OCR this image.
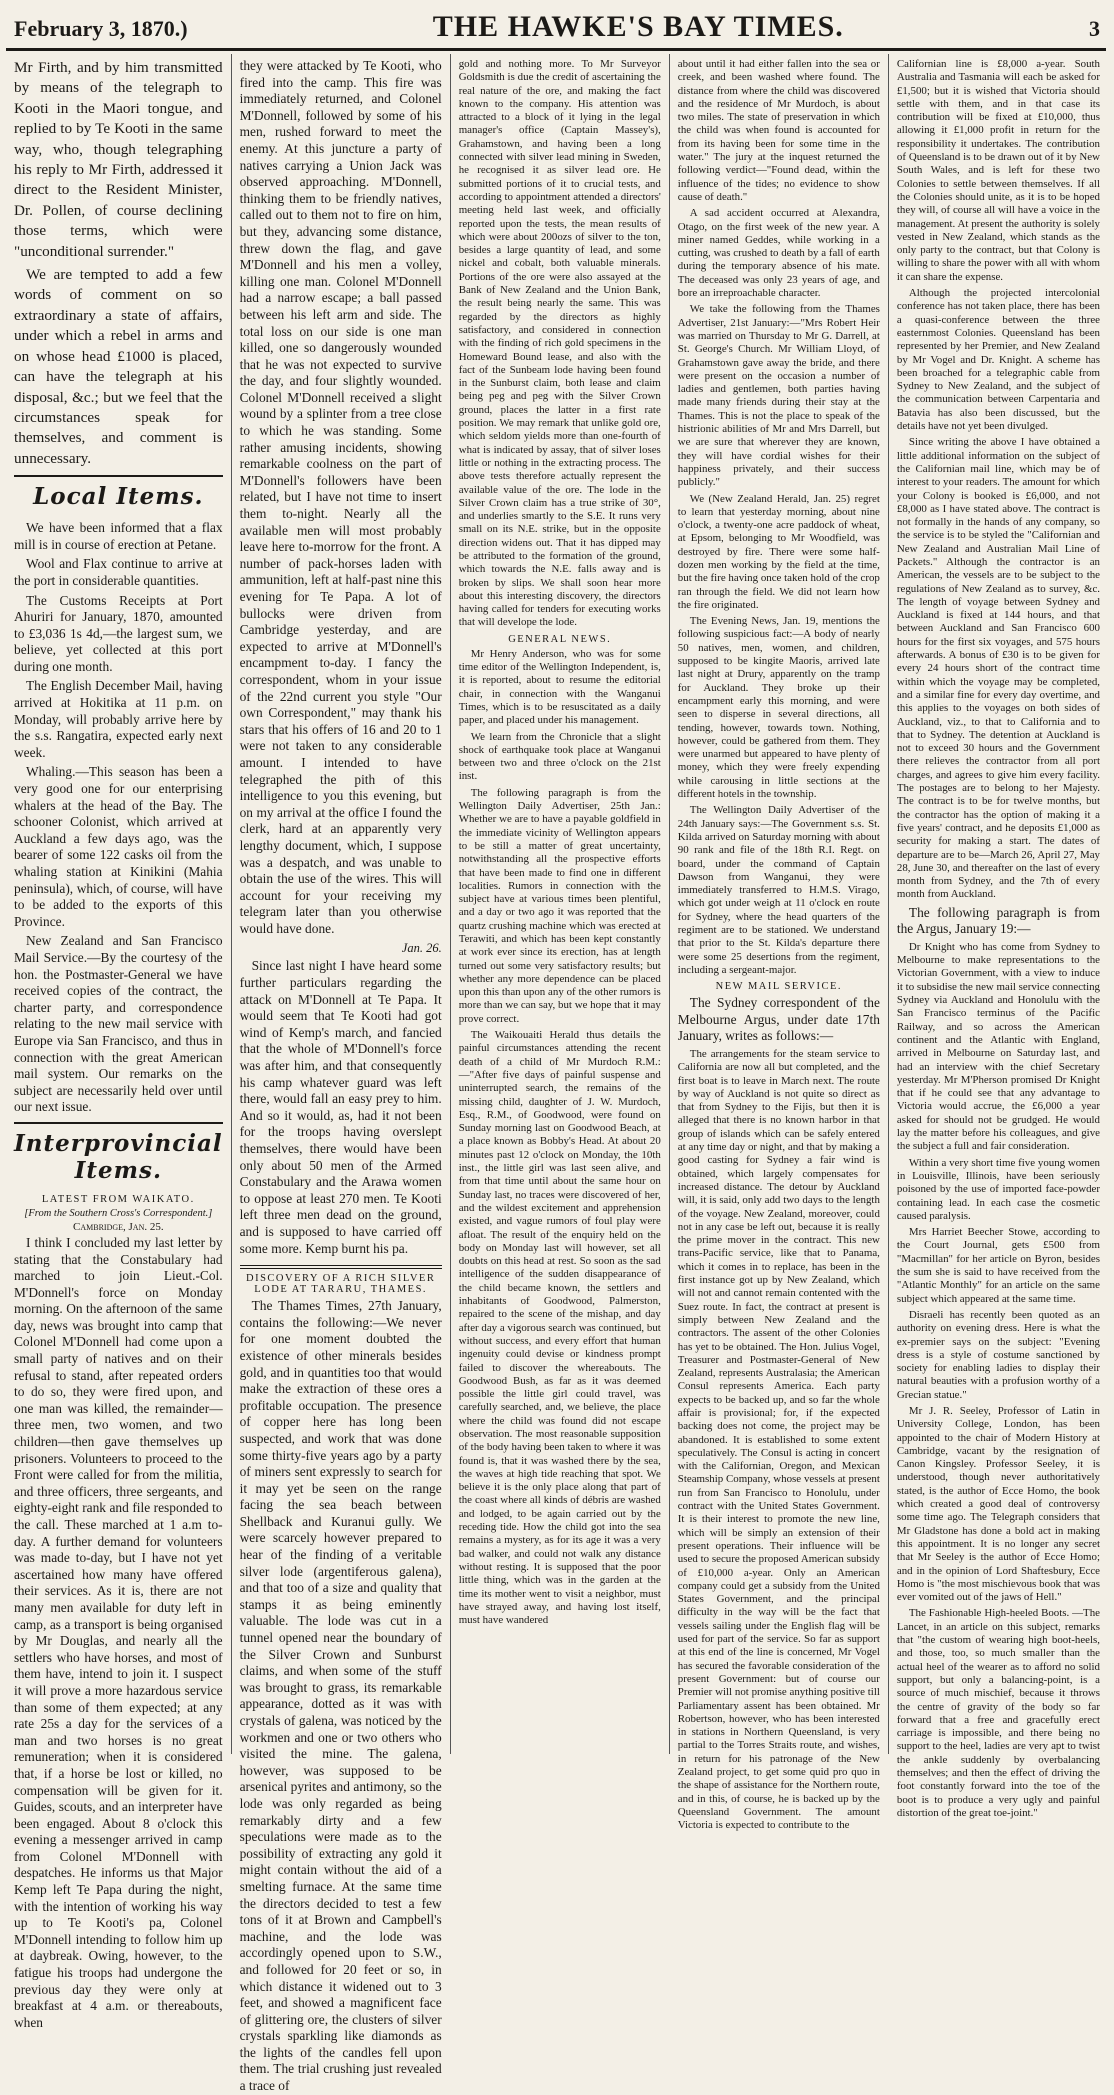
February 3, 1870.)	THE HAWKE'S BAY TIMES.	3

Mr Firth, and by him transmitted by means of the telegraph to Kooti in the Maori tongue, and replied to by Te Kooti in the same way, who, though telegraphing his reply to Mr Firth, addressed it direct to the Resident Minister, Dr. Pollen, of course declining those terms, which were "unconditional surrender."

We are tempted to add a few words of comment on so extraordinary a state of affairs, under which a rebel in arms and on whose head £1000 is placed, can have the telegraph at his disposal, &c.; but we feel that the circumstances speak for themselves, and comment is unnecessary.

Local Items.

We have been informed that a flax mill is in course of erection at Petane.

Wool and Flax continue to arrive at the port in considerable quantities.

The Customs Receipts at Port Ahuriri for January, 1870, amounted to £3,036 1s 4d,—the largest sum, we believe, yet collected at this port during one month.

The English December Mail, having arrived at Hokitika at 11 p.m. on Monday, will probably arrive here by the s.s. Rangatira, expected early next week.

Whaling.—This season has been a very good one for our enterprising whalers at the head of the Bay. The schooner Colonist, which arrived at Auckland a few days ago, was the bearer of some 122 casks oil from the whaling station at Kinikini (Mahia peninsula), which, of course, will have to be added to the exports of this Province.

New Zealand and San Francisco Mail Service.—By the courtesy of the hon. the Postmaster-General we have received copies of the contract, the charter party, and correspondence relating to the new mail service with Europe via San Francisco, and thus in connection with the great American mail system. Our remarks on the subject are necessarily held over until our next issue.

Interprovincial Items.
LATEST FROM WAIKATO.

[From the Southern Cross's Correspondent.]

Cambridge, Jan. 25.

I think I concluded my last letter by stating that the Constabulary had marched to join Lieut.-Col. M'Donnell's force on Monday morning. On the afternoon of the same day, news was brought into camp that Colonel M'Donnell had come upon a small party of natives and on their refusal to stand, after repeated orders to do so, they were fired upon, and one man was killed, the remainder—three men, two women, and two children—then gave themselves up prisoners. Volunteers to proceed to the Front were called for from the militia, and three officers, three sergeants, and eighty-eight rank and file responded to the call. These marched at 1 a.m to-day. A further demand for volunteers was made to-day, but I have not yet ascertained how many have offered their services. As it is, there are not many men available for duty left in camp, as a transport is being organised by Mr Douglas, and nearly all the settlers who have horses, and most of them have, intend to join it. I suspect it will prove a more hazardous service than some of them expected; at any rate 25s a day for the services of a man and two horses is no great remuneration; when it is considered that, if a horse be lost or killed, no compensation will be given for it. Guides, scouts, and an interpreter have been engaged. About 8 o'clock this evening a messenger arrived in camp from Colonel M'Donnell with despatches. He informs us that Major Kemp left Te Papa during the night, with the intention of working his way up to Te Kooti's pa, Colonel M'Donnell intending to follow him up at daybreak. Owing, however, to the fatigue his troops had undergone the previous day they were only at breakfast at 4 a.m. or thereabouts, when

they were attacked by Te Kooti, who fired into the camp. This fire was immediately returned, and Colonel M'Donnell, followed by some of his men, rushed forward to meet the enemy. At this juncture a party of natives carrying a Union Jack was observed approaching. M'Donnell, thinking them to be friendly natives, called out to them not to fire on him, but they, advancing some distance, threw down the flag, and gave M'Donnell and his men a volley, killing one man. Colonel M'Donnell had a narrow escape; a ball passed between his left arm and side. The total loss on our side is one man killed, one so dangerously wounded that he was not expected to survive the day, and four slightly wounded. Colonel M'Donnell received a slight wound by a splinter from a tree close to which he was standing. Some rather amusing incidents, showing remarkable coolness on the part of M'Donnell's followers have been related, but I have not time to insert them to-night. Nearly all the available men will most probably leave here to-morrow for the front. A number of pack-horses laden with ammunition, left at half-past nine this evening for Te Papa. A lot of bullocks were driven from Cambridge yesterday, and are expected to arrive at M'Donnell's encampment to-day. I fancy the correspondent, whom in your issue of the 22nd current you style "Our own Correspondent," may thank his stars that his offers of 16 and 20 to 1 were not taken to any considerable amount. I intended to have telegraphed the pith of this intelligence to you this evening, but on my arrival at the office I found the clerk, hard at an apparently very lengthy document, which, I suppose was a despatch, and was unable to obtain the use of the wires. This will account for your receiving my telegram later than you otherwise would have done.

Jan. 26.

Since last night I have heard some further particulars regarding the attack on M'Donnell at Te Papa. It would seem that Te Kooti had got wind of Kemp's march, and fancied that the whole of M'Donnell's force was after him, and that consequently his camp whatever guard was left there, would fall an easy prey to him. And so it would, as, had it not been for the troops having overslept themselves, there would have been only about 50 men of the Armed Constabulary and the Arawa women to oppose at least 270 men. Te Kooti left three men dead on the ground, and is supposed to have carried off some more. Kemp burnt his pa.

DISCOVERY OF A RICH SILVER LODE AT TARARU, THAMES.

The Thames Times, 27th January, contains the following:—We never for one moment doubted the existence of other minerals besides gold, and in quantities too that would make the extraction of these ores a profitable occupation. The presence of copper here has long been suspected, and work that was done some thirty-five years ago by a party of miners sent expressly to search for it may yet be seen on the range facing the sea beach between Shellback and Kuranui gully. We were scarcely however prepared to hear of the finding of a veritable silver lode (argentiferous galena), and that too of a size and quality that stamps it as being eminently valuable. The lode was cut in a tunnel opened near the boundary of the Silver Crown and Sunburst claims, and when some of the stuff was brought to grass, its remarkable appearance, dotted as it was with crystals of galena, was noticed by the workmen and one or two others who visited the mine. The galena, however, was supposed to be arsenical pyrites and antimony, so the lode was only regarded as being remarkably dirty and a few speculations were made as to the possibility of extracting any gold it might contain without the aid of a smelting furnace. At the same time the directors decided to test a few tons of it at Brown and Campbell's machine, and the lode was accordingly opened upon to S.W., and followed for 20 feet or so, in which distance it widened out to 3 feet, and showed a magnificent face of glittering ore, the clusters of silver crystals sparkling like diamonds as the lights of the candles fell upon them. The trial crushing just revealed a trace of

gold and nothing more. To Mr Surveyor Goldsmith is due the credit of ascertaining the real nature of the ore, and making the fact known to the company. His attention was attracted to a block of it lying in the legal manager's office (Captain Massey's), Grahamstown, and having been a long connected with silver lead mining in Sweden, he recognised it as silver lead ore. He submitted portions of it to crucial tests, and according to appointment attended a directors' meeting held last week, and officially reported upon the tests, the mean results of which were about 200ozs of silver to the ton, besides a large quantity of lead, and some nickel and cobalt, both valuable minerals. Portions of the ore were also assayed at the Bank of New Zealand and the Union Bank, the result being nearly the same. This was regarded by the directors as highly satisfactory, and considered in connection with the finding of rich gold specimens in the Homeward Bound lease, and also with the fact of the Sunbeam lode having been found in the Sunburst claim, both lease and claim being peg and peg with the Silver Crown ground, places the latter in a first rate position. We may remark that unlike gold ore, which seldom yields more than one-fourth of what is indicated by assay, that of silver loses little or nothing in the extracting process. The above tests therefore actually represent the available value of the ore. The lode in the Silver Crown claim has a true strike of 30°, and underlies smartly to the S.E. It runs very small on its N.E. strike, but in the opposite direction widens out. That it has dipped may be attributed to the formation of the ground, which towards the N.E. falls away and is broken by slips. We shall soon hear more about this interesting discovery, the directors having called for tenders for executing works that will develope the lode.

GENERAL NEWS.

Mr Henry Anderson, who was for some time editor of the Wellington Independent, is, it is reported, about to resume the editorial chair, in connection with the Wanganui Times, which is to be resuscitated as a daily paper, and placed under his management.

We learn from the Chronicle that a slight shock of earthquake took place at Wanganui between two and three o'clock on the 21st inst.

The following paragraph is from the Wellington Daily Advertiser, 25th Jan.: Whether we are to have a payable goldfield in the immediate vicinity of Wellington appears to be still a matter of great uncertainty, notwithstanding all the prospective efforts that have been made to find one in different localities. Rumors in connection with the subject have at various times been plentiful, and a day or two ago it was reported that the quartz crushing machine which was erected at Terawiti, and which has been kept constantly at work ever since its erection, has at length turned out some very satisfactory results; but whether any more dependence can be placed upon this than upon any of the other rumors is more than we can say, but we hope that it may prove correct.

The Waikouaiti Herald thus details the painful circumstances attending the recent death of a child of Mr Murdoch R.M.:—"After five days of painful suspense and uninterrupted search, the remains of the missing child, daughter of J. W. Murdoch, Esq., R.M., of Goodwood, were found on Sunday morning last on Goodwood Beach, at a place known as Bobby's Head. At about 20 minutes past 12 o'clock on Monday, the 10th inst., the little girl was last seen alive, and from that time until about the same hour on Sunday last, no traces were discovered of her, and the wildest excitement and apprehension existed, and vague rumors of foul play were afloat. The result of the enquiry held on the body on Monday last will however, set all doubts on this head at rest. So soon as the sad intelligence of the sudden disappearance of the child became known, the settlers and inhabitants of Goodwood, Palmerston, repaired to the scene of the mishap, and day after day a vigorous search was continued, but without success, and every effort that human ingenuity could devise or kindness prompt failed to discover the whereabouts. The Goodwood Bush, as far as it was deemed possible the little girl could travel, was carefully searched, and, we believe, the place where the child was found did not escape observation. The most reasonable supposition of the body having been taken to where it was found is, that it was washed there by the sea, the waves at high tide reaching that spot. We believe it is the only place along that part of the coast where all kinds of débris are washed and lodged, to be again carried out by the receding tide. How the child got into the sea remains a mystery, as for its age it was a very bad walker, and could not walk any distance without resting. It is supposed that the poor little thing, which was in the garden at the time its mother went to visit a neighbor, must have strayed away, and having lost itself, must have wandered

about until it had either fallen into the sea or creek, and been washed where found. The distance from where the child was discovered and the residence of Mr Murdoch, is about two miles. The state of preservation in which the child was when found is accounted for from its having been for some time in the water." The jury at the inquest returned the following verdict—"Found dead, within the influence of the tides; no evidence to show cause of death."

A sad accident occurred at Alexandra, Otago, on the first week of the new year. A miner named Geddes, while working in a cutting, was crushed to death by a fall of earth during the temporary absence of his mate. The deceased was only 23 years of age, and bore an irreproachable character.

We take the following from the Thames Advertiser, 21st January:—"Mrs Robert Heir was married on Thursday to Mr G. Darrell, at St. George's Church. Mr William Lloyd, of Grahamstown gave away the bride, and there were present on the occasion a number of ladies and gentlemen, both parties having made many friends during their stay at the Thames. This is not the place to speak of the histrionic abilities of Mr and Mrs Darrell, but we are sure that wherever they are known, they will have cordial wishes for their happiness privately, and their success publicly."

We (New Zealand Herald, Jan. 25) regret to learn that yesterday morning, about nine o'clock, a twenty-one acre paddock of wheat, at Epsom, belonging to Mr Woodfield, was destroyed by fire. There were some half-dozen men working by the field at the time, but the fire having once taken hold of the crop ran through the field. We did not learn how the fire originated.

The Evening News, Jan. 19, mentions the following suspicious fact:—A body of nearly 50 natives, men, women, and children, supposed to be kingite Maoris, arrived late last night at Drury, apparently on the tramp for Auckland. They broke up their encampment early this morning, and were seen to disperse in several directions, all tending, however, towards town. Nothing, however, could be gathered from them. They were unarmed but appeared to have plenty of money, which they were freely expending while carousing in little sections at the different hotels in the township.

The Wellington Daily Advertiser of the 24th January says:—The Government s.s. St. Kilda arrived on Saturday morning with about 90 rank and file of the 18th R.I. Regt. on board, under the command of Captain Dawson from Wanganui, they were immediately transferred to H.M.S. Virago, which got under weigh at 11 o'clock en route for Sydney, where the head quarters of the regiment are to be stationed. We understand that prior to the St. Kilda's departure there were some 25 desertions from the regiment, including a sergeant-major.

NEW MAIL SERVICE.

The Sydney correspondent of the Melbourne Argus, under date 17th January, writes as follows:—

The arrangements for the steam service to California are now all but completed, and the first boat is to leave in March next. The route by way of Auckland is not quite so direct as that from Sydney to the Fijis, but then it is alleged that there is no known harbor in that group of islands which can be safely entered at any time day or night, and that by making a good casting for Sydney a fair wind is obtained, which largely compensates for increased distance. The detour by Auckland will, it is said, only add two days to the length of the voyage. New Zealand, moreover, could not in any case be left out, because it is really the prime mover in the contract. This new trans-Pacific service, like that to Panama, which it comes in to replace, has been in the first instance got up by New Zealand, which will not and cannot remain contented with the Suez route. In fact, the contract at present is simply between New Zealand and the contractors. The assent of the other Colonies has yet to be obtained. The Hon. Julius Vogel, Treasurer and Postmaster-General of New Zealand, represents Australasia; the American Consul represents America. Each party expects to be backed up, and so far the whole affair is provisional; for, if the expected backing does not come, the project may be abandoned. It is established to some extent speculatively. The Consul is acting in concert with the Californian, Oregon, and Mexican Steamship Company, whose vessels at present run from San Francisco to Honolulu, under contract with the United States Government. It is their interest to promote the new line, which will be simply an extension of their present operations. Their influence will be used to secure the proposed American subsidy of £10,000 a-year. Only an American company could get a subsidy from the United States Government, and the principal difficulty in the way will be the fact that vessels sailing under the English flag will be used for part of the service. So far as support at this end of the line is concerned, Mr Vogel has secured the favorable consideration of the present Government: but of course our Premier will not promise anything positive till Parliamentary assent has been obtained. Mr Robertson, however, who has been interested in stations in Northern Queensland, is very partial to the Torres Straits route, and wishes, in return for his patronage of the New Zealand project, to get some quid pro quo in the shape of assistance for the Northern route, and in this, of course, he is backed up by the Queensland Government. The amount Victoria is expected to contribute to the

Californian line is £8,000 a-year. South Australia and Tasmania will each be asked for £1,500; but it is wished that Victoria should settle with them, and in that case its contribution will be fixed at £10,000, thus allowing it £1,000 profit in return for the responsibility it undertakes. The contribution of Queensland is to be drawn out of it by New South Wales, and is left for these two Colonies to settle between themselves. If all the Colonies should unite, as it is to be hoped they will, of course all will have a voice in the management. At present the authority is solely vested in New Zealand, which stands as the only party to the contract, but that Colony is willing to share the power with all with whom it can share the expense.

Although the projected intercolonial conference has not taken place, there has been a quasi-conference between the three easternmost Colonies. Queensland has been represented by her Premier, and New Zealand by Mr Vogel and Dr. Knight. A scheme has been broached for a telegraphic cable from Sydney to New Zealand, and the subject of the communication between Carpentaria and Batavia has also been discussed, but the details have not yet been divulged.

Since writing the above I have obtained a little additional information on the subject of the Californian mail line, which may be of interest to your readers. The amount for which your Colony is booked is £6,000, and not £8,000 as I have stated above. The contract is not formally in the hands of any company, so the service is to be styled the "Californian and New Zealand and Australian Mail Line of Packets." Although the contractor is an American, the vessels are to be subject to the regulations of New Zealand as to survey, &c. The length of voyage between Sydney and Auckland is fixed at 144 hours, and that between Auckland and San Francisco 600 hours for the first six voyages, and 575 hours afterwards. A bonus of £30 is to be given for every 24 hours short of the contract time within which the voyage may be completed, and a similar fine for every day overtime, and this applies to the voyages on both sides of Auckland, viz., to that to California and to that to Sydney. The detention at Auckland is not to exceed 30 hours and the Government there relieves the contractor from all port charges, and agrees to give him every facility. The postages are to belong to her Majesty. The contract is to be for twelve months, but the contractor has the option of making it a five years' contract, and he deposits £1,000 as security for making a start. The dates of departure are to be—March 26, April 27, May 28, June 30, and thereafter on the last of every month from Sydney, and the 7th of every month from Auckland.

The following paragraph is from the Argus, January 19:—

Dr Knight who has come from Sydney to Melbourne to make representations to the Victorian Government, with a view to induce it to subsidise the new mail service connecting Sydney via Auckland and Honolulu with the San Francisco terminus of the Pacific Railway, and so across the American continent and the Atlantic with England, arrived in Melbourne on Saturday last, and had an interview with the chief Secretary yesterday. Mr M'Pherson promised Dr Knight that if he could see that any advantage to Victoria would accrue, the £6,000 a year asked for should not be grudged. He would lay the matter before his colleagues, and give the subject a full and fair consideration.

Within a very short time five young women in Louisville, Illinois, have been seriously poisoned by the use of imported face-powder containing lead. In each case the cosmetic caused paralysis.

Mrs Harriet Beecher Stowe, according to the Court Journal, gets £500 from "Macmillan" for her article on Byron, besides the sum she is said to have received from the "Atlantic Monthly" for an article on the same subject which appeared at the same time.

Disraeli has recently been quoted as an authority on evening dress. Here is what the ex-premier says on the subject: "Evening dress is a style of costume sanctioned by society for enabling ladies to display their natural beauties with a profusion worthy of a Grecian statue."

Mr J. R. Seeley, Professor of Latin in University College, London, has been appointed to the chair of Modern History at Cambridge, vacant by the resignation of Canon Kingsley. Professor Seeley, it is understood, though never authoritatively stated, is the author of Ecce Homo, the book which created a good deal of controversy some time ago. The Telegraph considers that Mr Gladstone has done a bold act in making this appointment. It is no longer any secret that Mr Seeley is the author of Ecce Homo; and in the opinion of Lord Shaftesbury, Ecce Homo is "the most mischievous book that was ever vomited out of the jaws of Hell."

The Fashionable High-heeled Boots. —The Lancet, in an article on this subject, remarks that "the custom of wearing high boot-heels, and those, too, so much smaller than the actual heel of the wearer as to afford no solid support, but only a balancing-point, is a source of much mischief, because it throws the centre of gravity of the body so far forward that a free and gracefully erect carriage is impossible, and there being no support to the heel, ladies are very apt to twist the ankle suddenly by overbalancing themselves; and then the effect of driving the foot constantly forward into the toe of the boot is to produce a very ugly and painful distortion of the great toe-joint."
